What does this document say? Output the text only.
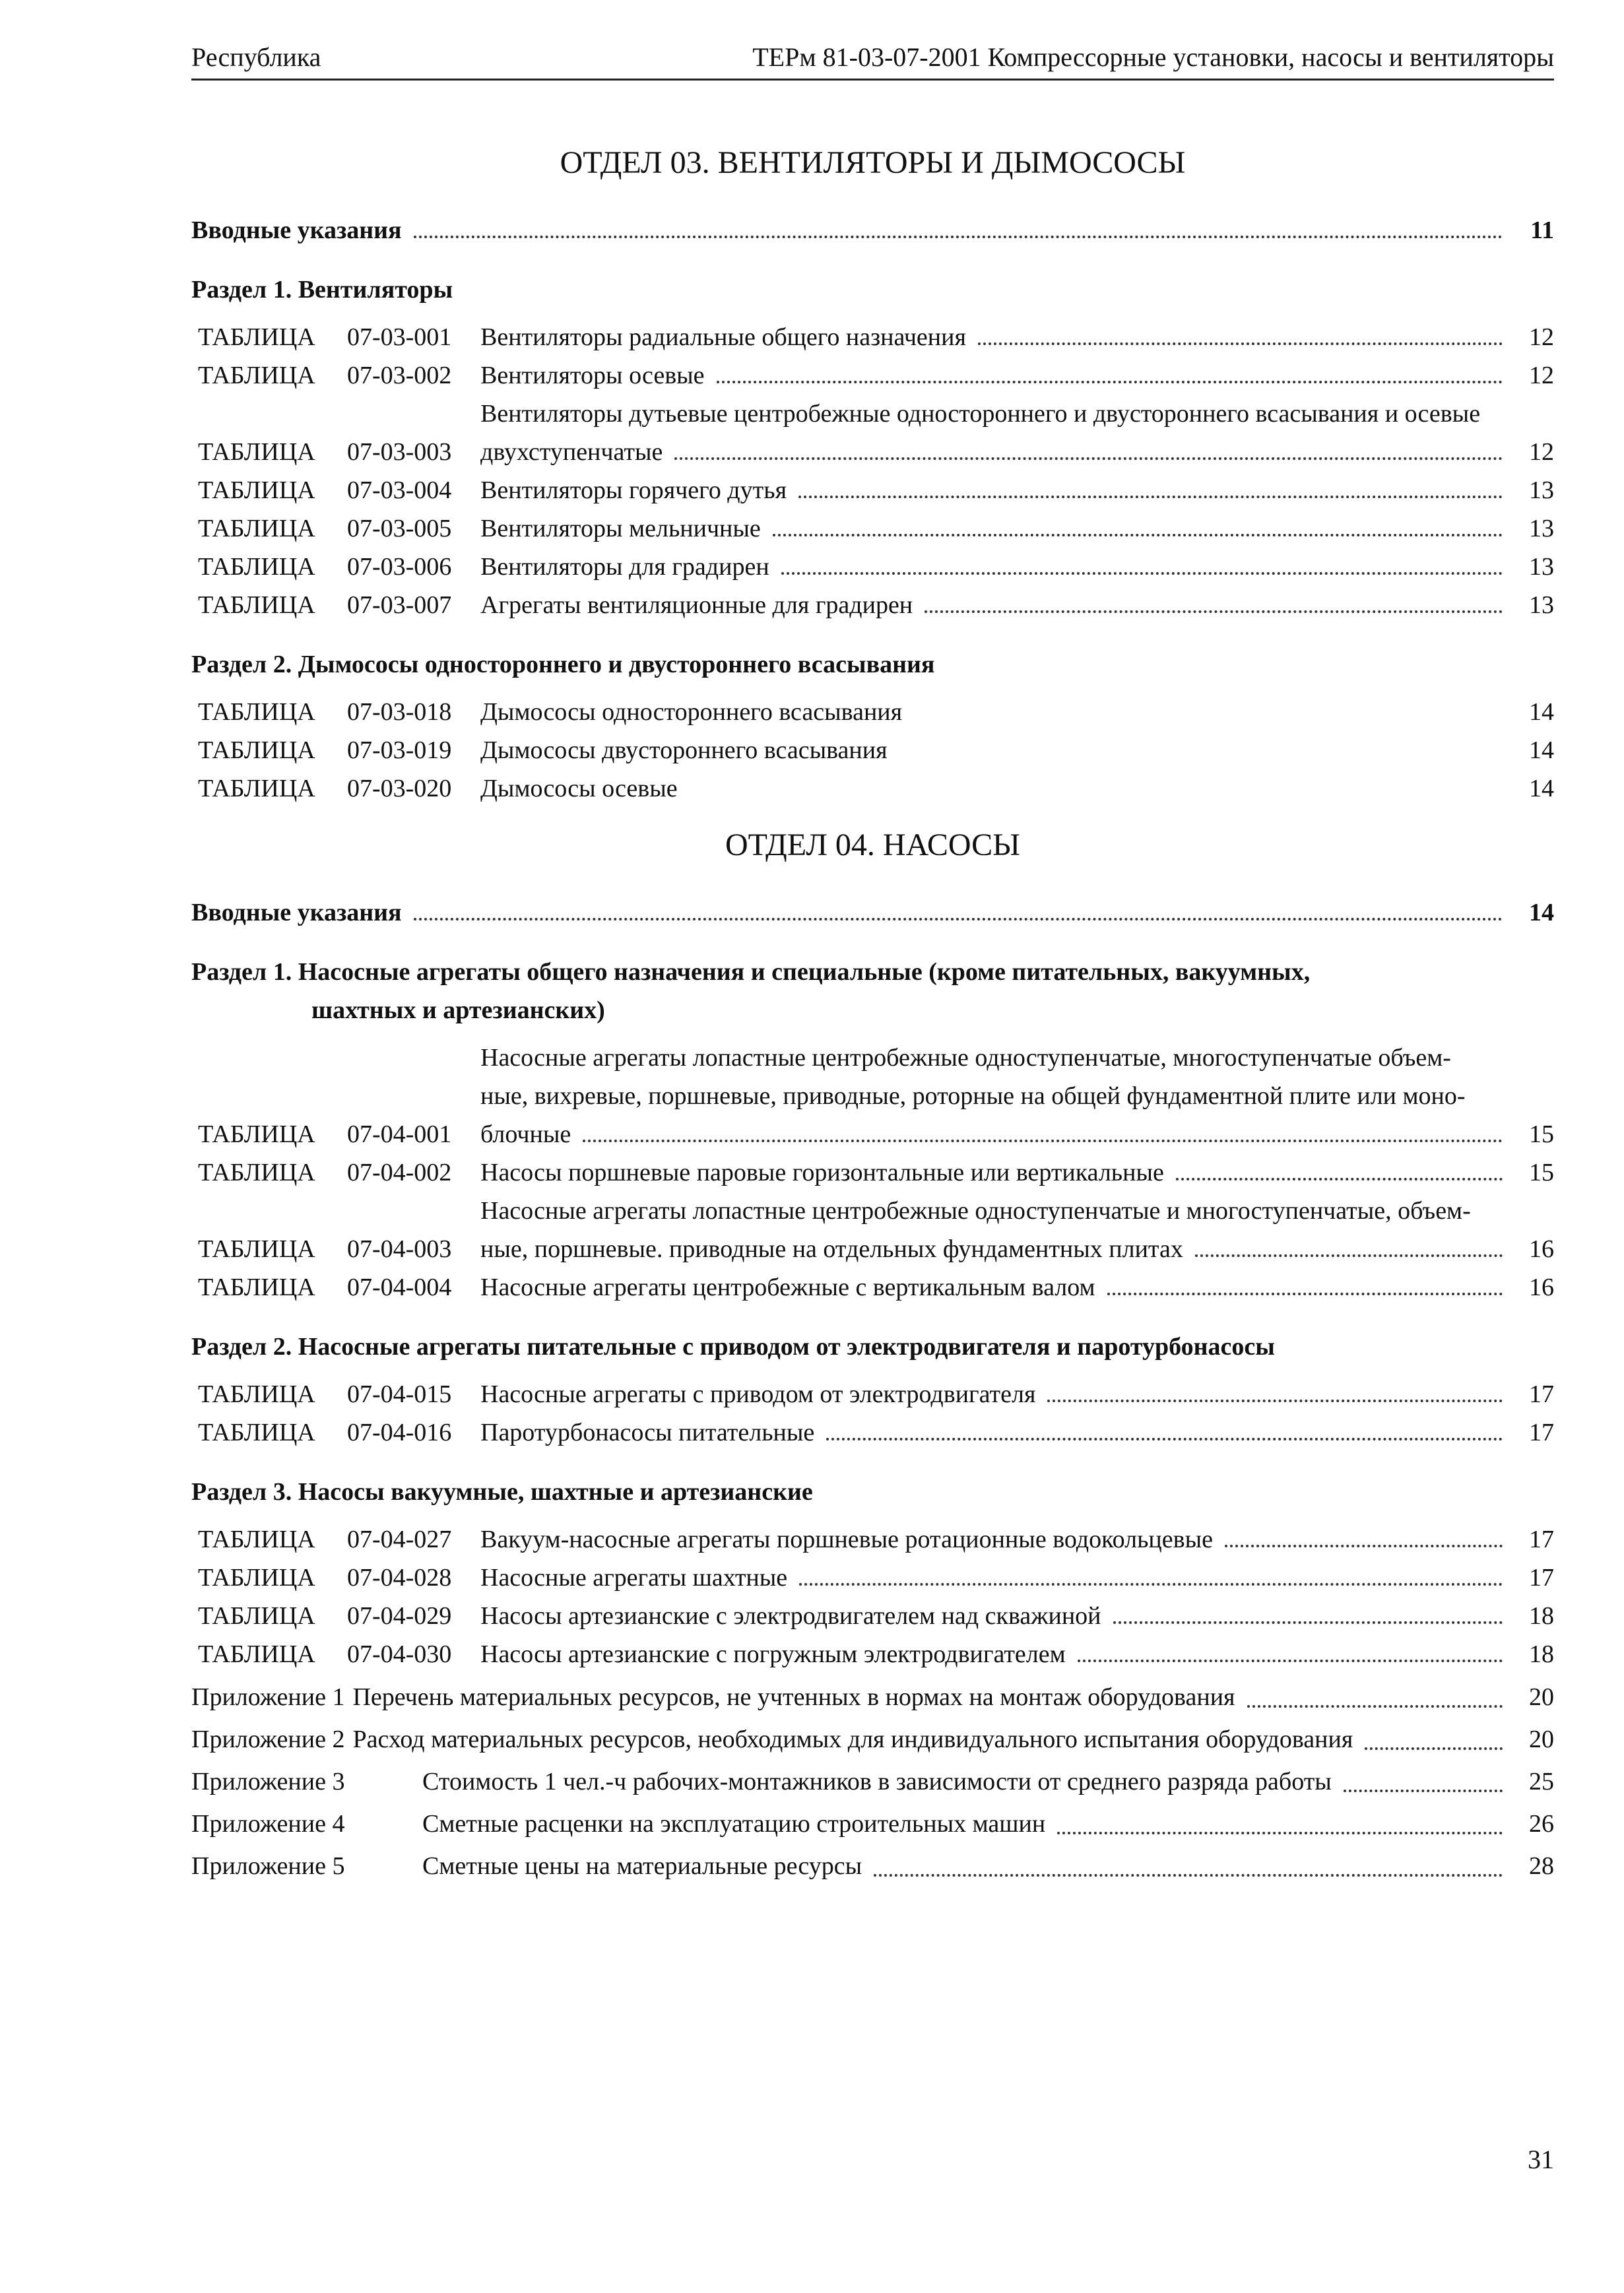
Республика	ТЕРм 81-03-07-2001 Компрессорные установки, насосы и вентиляторы
ОТДЕЛ 03. ВЕНТИЛЯТОРЫ И ДЫМОСОСЫ
Вводные указания	11
Раздел 1. Вентиляторы
ТАБЛИЦА	07-03-001	Вентиляторы радиальные общего назначения	12
ТАБЛИЦА	07-03-002	Вентиляторы осевые	12
ТАБЛИЦА	07-03-003
Вентиляторы дутьевые центробежные одностороннего и двустороннего всасывания и осевые
двухступенчатые	12
ТАБЛИЦА	07-03-004	Вентиляторы горячего дутья	13
ТАБЛИЦА	07-03-005	Вентиляторы мельничные	13
ТАБЛИЦА	07-03-006	Вентиляторы для градирен	13
ТАБЛИЦА	07-03-007	Агрегаты вентиляционные для градирен	13
Раздел 2. Дымососы одностороннего и двустороннего всасывания
ТАБЛИЦА	07-03-018	Дымососы одностороннего всасывания	14
ТАБЛИЦА	07-03-019	Дымососы двустороннего всасывания	14
ТАБЛИЦА	07-03-020	Дымососы осевые	14
ОТДЕЛ 04. НАСОСЫ
Вводные указания	14
Раздел 1. Насосные агрегаты общего назначения и специальные (кроме питательных, вакуумных,
шахтных и артезианских)
ТАБЛИЦА	07-04-001
Насосные агрегаты лопастные центробежные одноступенчатые, многоступенчатые объем-
ные, вихревые, поршневые, приводные, роторные на общей фундаментной плите или моно-
блочные	15
ТАБЛИЦА	07-04-002	Насосы поршневые паровые горизонтальные или вертикальные	15
ТАБЛИЦА	07-04-003
Насосные агрегаты лопастные центробежные одноступенчатые и многоступенчатые, объем-
ные, поршневые. приводные на отдельных фундаментных плитах	16
ТАБЛИЦА	07-04-004	Насосные агрегаты центробежные с вертикальным валом	16
Раздел 2. Насосные агрегаты питательные с приводом от электродвигателя и паротурбонасосы
ТАБЛИЦА	07-04-015	Насосные агрегаты с приводом от электродвигателя	17
ТАБЛИЦА	07-04-016	Паротурбонасосы питательные	17
Раздел 3. Насосы вакуумные, шахтные и артезианские
ТАБЛИЦА	07-04-027	Вакуум-насосные агрегаты поршневые ротационные водокольцевые	17
ТАБЛИЦА	07-04-028	Насосные агрегаты шахтные	17
ТАБЛИЦА	07-04-029	Насосы артезианские с электродвигателем над скважиной	18
ТАБЛИЦА	07-04-030	Насосы артезианские с погружным электродвигателем	18
Приложение 1 Перечень материальных ресурсов, не учтенных в нормах на монтаж оборудования	20
Приложение 2 Расход материальных ресурсов, необходимых для индивидуального испытания оборудования	20
Приложение 3	Стоимость 1 чел.-ч рабочих-монтажников в зависимости от среднего разряда работы	25
Приложение 4	Сметные расценки на эксплуатацию строительных машин	26
Приложение 5	Сметные цены на материальные ресурсы	28
31
